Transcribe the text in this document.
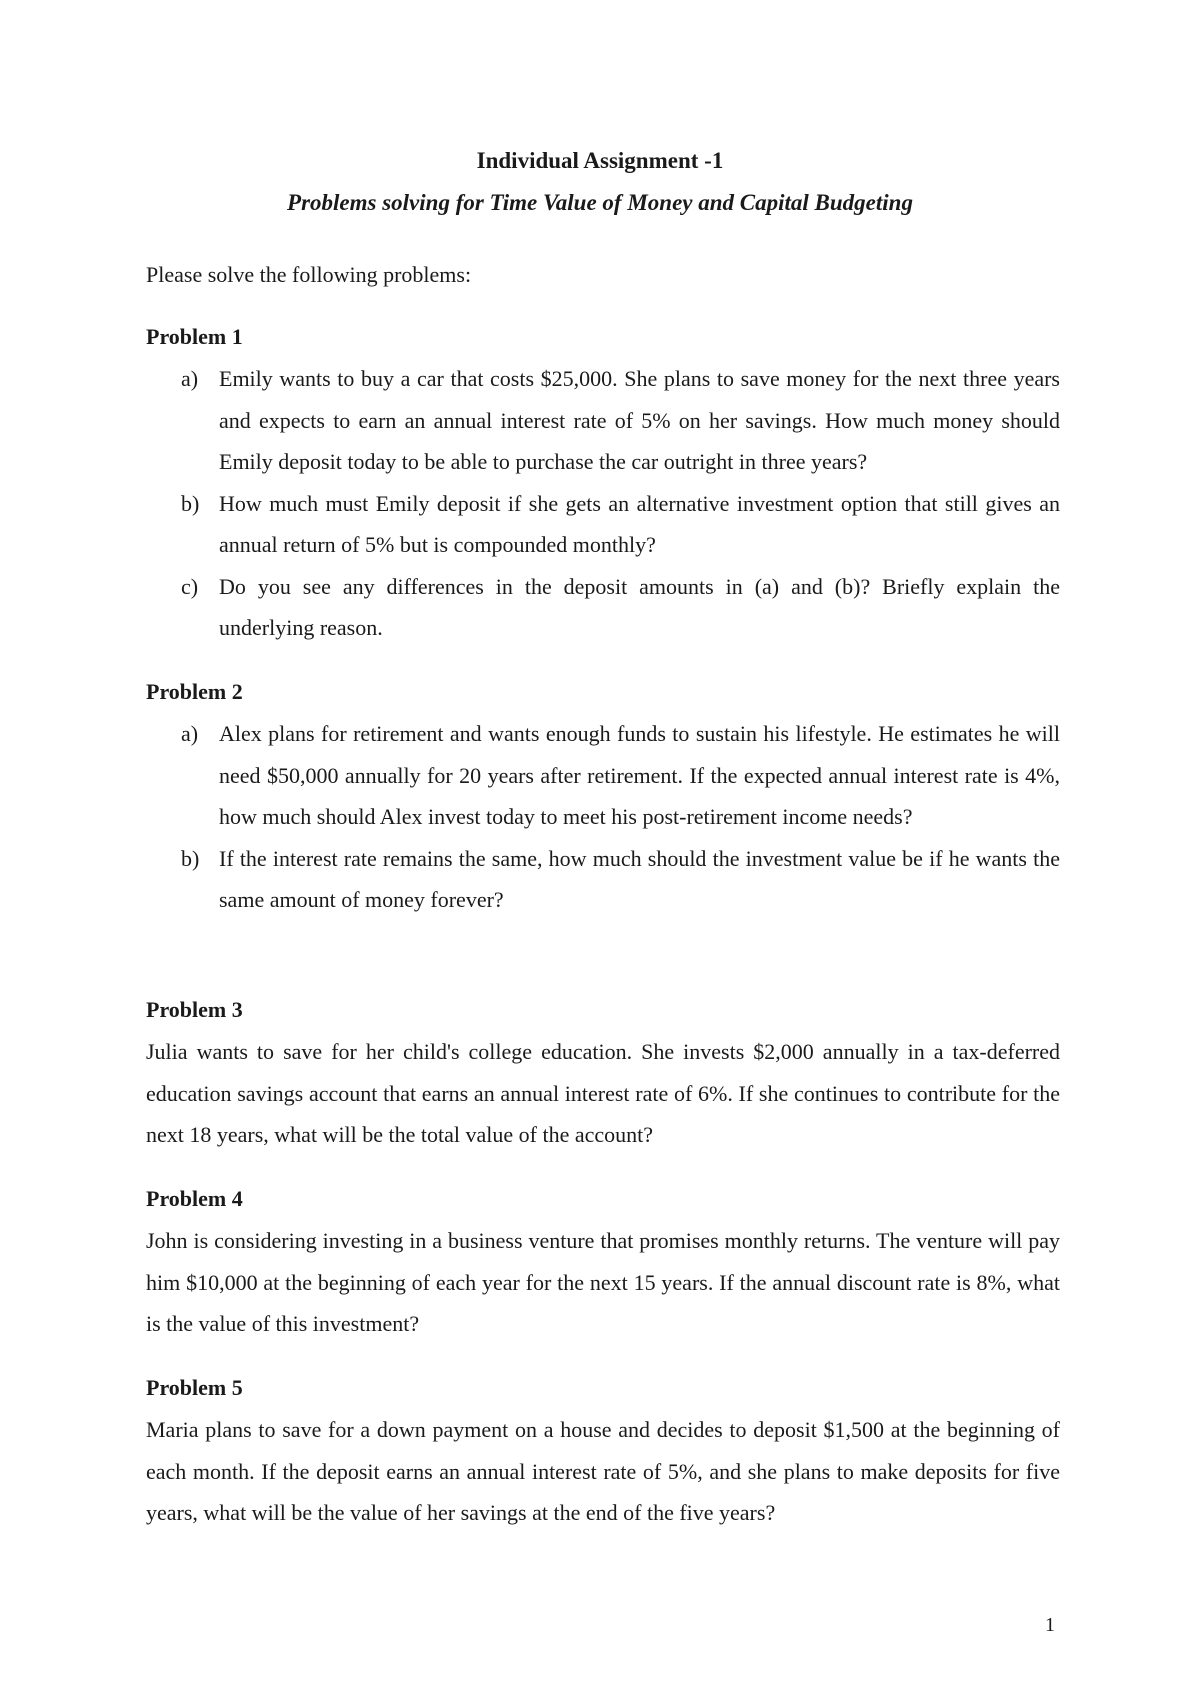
Individual Assignment -1
Problems solving for Time Value of Money and Capital Budgeting
Please solve the following problems:
Problem 1
a) Emily wants to buy a car that costs $25,000. She plans to save money for the next three years and expects to earn an annual interest rate of 5% on her savings. How much money should Emily deposit today to be able to purchase the car outright in three years?
b) How much must Emily deposit if she gets an alternative investment option that still gives an annual return of 5% but is compounded monthly?
c) Do you see any differences in the deposit amounts in (a) and (b)? Briefly explain the underlying reason.
Problem 2
a) Alex plans for retirement and wants enough funds to sustain his lifestyle. He estimates he will need $50,000 annually for 20 years after retirement. If the expected annual interest rate is 4%, how much should Alex invest today to meet his post-retirement income needs?
b) If the interest rate remains the same, how much should the investment value be if he wants the same amount of money forever?
Problem 3

Julia wants to save for her child's college education. She invests $2,000 annually in a tax-deferred education savings account that earns an annual interest rate of 6%. If she continues to contribute for the next 18 years, what will be the total value of the account?

Problem 4

John is considering investing in a business venture that promises monthly returns. The venture will pay him $10,000 at the beginning of each year for the next 15 years. If the annual discount rate is 8%, what is the value of this investment?

Problem 5

Maria plans to save for a down payment on a house and decides to deposit $1,500 at the beginning of each month. If the deposit earns an annual interest rate of 5%, and she plans to make deposits for five years, what will be the value of her savings at the end of the five years?

1
